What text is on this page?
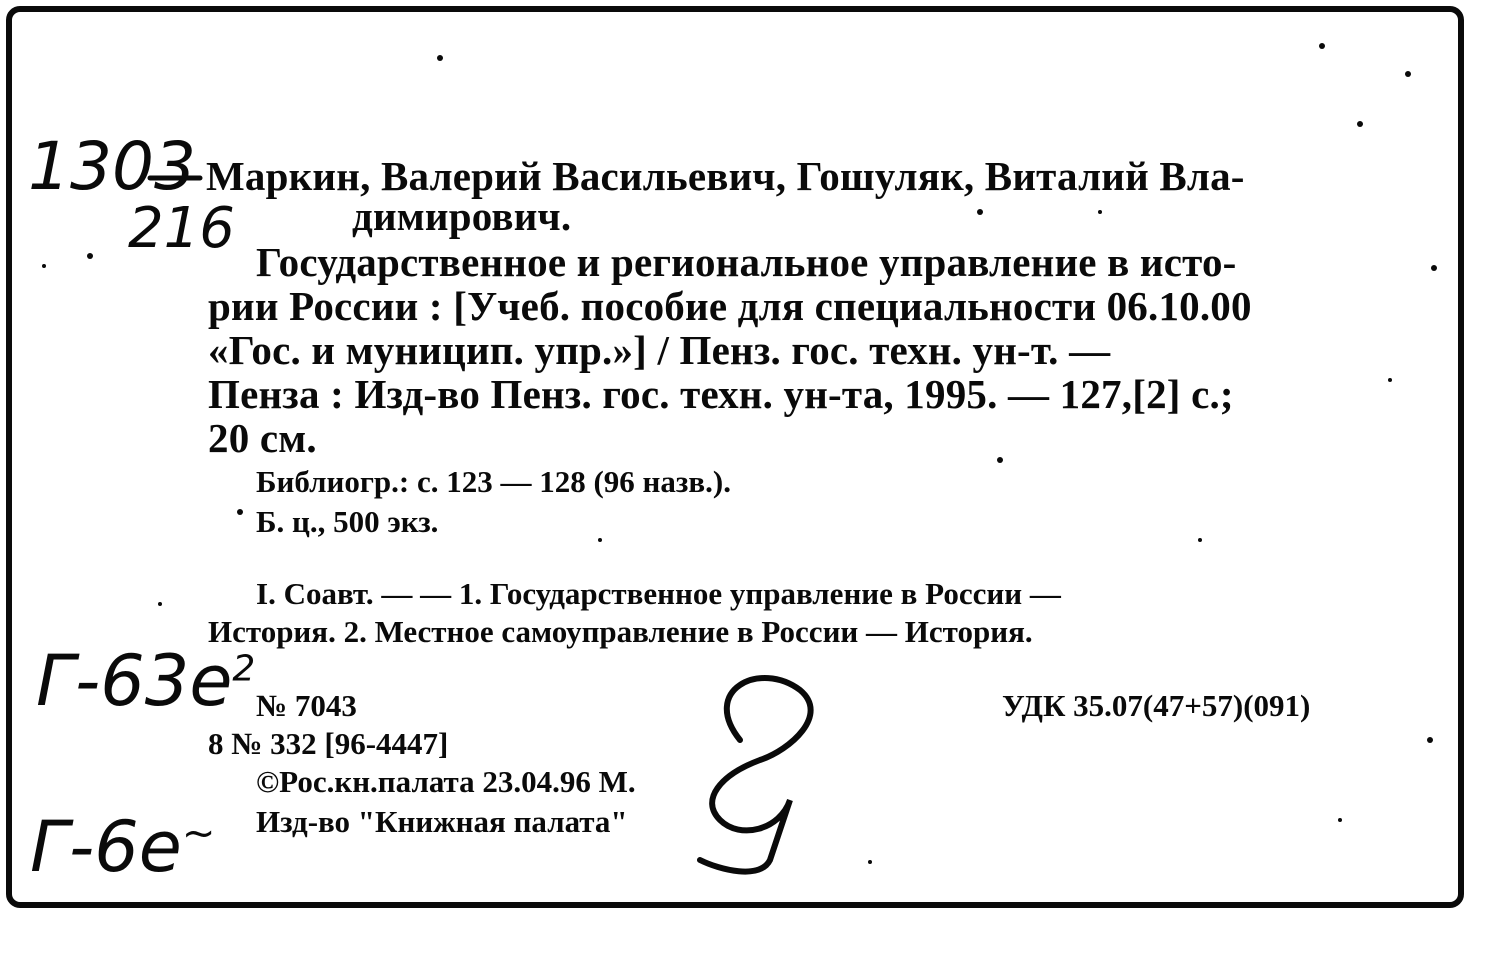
1303
216
$Г-63е^2$
Г-6е~

Маркин, Валерий Васильевич, Гошуляк, Виталий Вла-

димирович.

Государственное и региональное управление в исто-

рии России : [Учеб. пособие для специальности 06.10.00

«Гос. и муницип. упр.»] / Пенз. гос. техн. ун-т. —

Пенза : Изд-во Пенз. гос. техн. ун-та, 1995. — 127,[2] с.;

20 см.

Библиогр.: с. 123 — 128 (96 назв.).

Б. ц., 500 экз.

I. Соавт. — — 1. Государственное управление в России —

История. 2. Местное самоуправление в России — История.

№ 7043	УДК 35.07(47+57)(091)

8 № 332 [96-4447]

©Рос.кн.палата 23.04.96 М.

Изд-во "Книжная палата"
